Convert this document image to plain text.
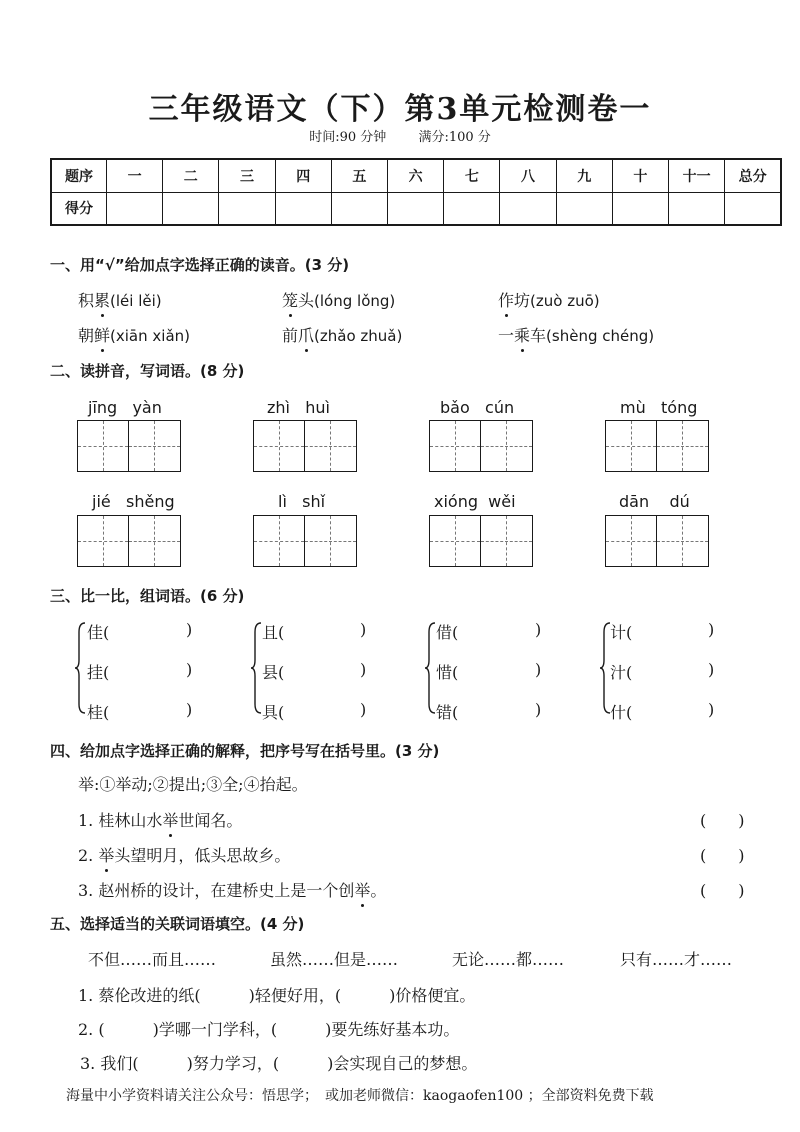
三年级语文（下）第3单元检测卷一
时间:90 分钟 满分:100 分
题序	一	二	三	四	五	六	七	八	九	十	十一	总分
得分												
一、用“√”给加点字选择正确的读音。(3 分)
积累(léi lěi)	笼头(lóng lǒng)	作坊(zuò zuō)
朝鲜(xiān xiǎn)	前爪(zhǎo zhuǎ)	一乘车(shèng chéng)
二、读拼音，写词语。(8 分)
jīng yàn	zhì huì	bǎo cún	mù tóng
jié shěng	lì shǐ	xióng wěi	dān dú
三、比一比，组词语。(6 分)
佳(	)
挂(	)
桂(	)
且(	)
县(	)
具(	)
借(	)
惜(	)
错(	)
计(	)
汁(	)
什(	)
四、给加点字选择正确的解释，把序号写在括号里。(3 分)
举:①举动;②提出;③全;④抬起。
1. 桂林山水举世闻名。	(　　)
2. 举头望明月，低头思故乡。	(　　)
3. 赵州桥的设计，在建桥史上是一个创举。	(　　)
五、选择适当的关联词语填空。(4 分)
不但……而且……	虽然……但是……	无论……都……	只有……才……
1. 蔡伦改进的纸(　　　)轻便好用，(　　　)价格便宜。
2. (　　　)学哪一门学科，(　　　)要先练好基本功。
3. 我们(　　　)努力学习，(　　　)会实现自己的梦想。
海量中小学资料请关注公众号：悟思学；　或加老师微信：kaogaofen100 ；全部资料免费下载
